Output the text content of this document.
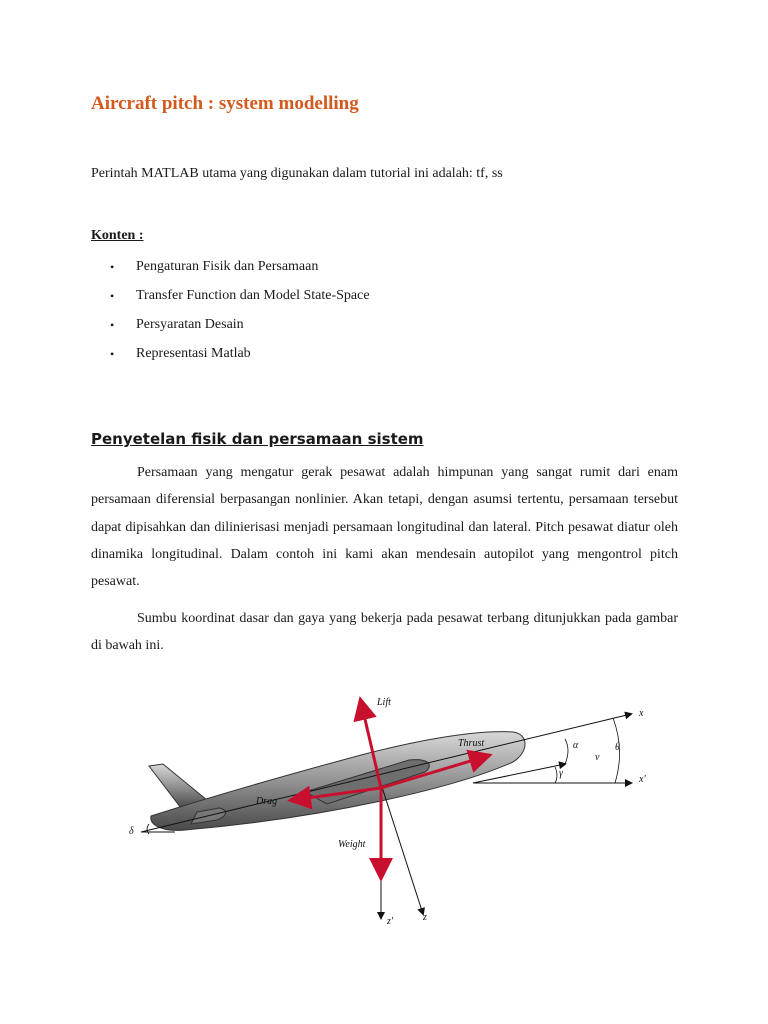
Aircraft pitch : system modelling

Perintah MATLAB utama yang digunakan dalam tutorial ini adalah: tf, ss

Konten :

• Pengaturan Fisik dan Persamaan
• Transfer Function dan Model State-Space
• Persyaratan Desain
• Representasi Matlab
Penyetelan fisik dan persamaan sistem

Persamaan yang mengatur gerak pesawat adalah himpunan yang sangat rumit dari enam persamaan diferensial berpasangan nonlinier. Akan tetapi, dengan asumsi tertentu, persamaan tersebut dapat dipisahkan dan dilinierisasi menjadi persamaan longitudinal dan lateral. Pitch pesawat diatur oleh dinamika longitudinal. Dalam contoh ini kami akan mendesain autopilot yang mengontrol pitch pesawat.

Sumbu koordinat dasar dan gaya yang bekerja pada pesawat terbang ditunjukkan pada gambar di bawah ini.

Lift
Thrust
Drag
Weight
x
x'
z
z'
α
v
θ
γ
δ
